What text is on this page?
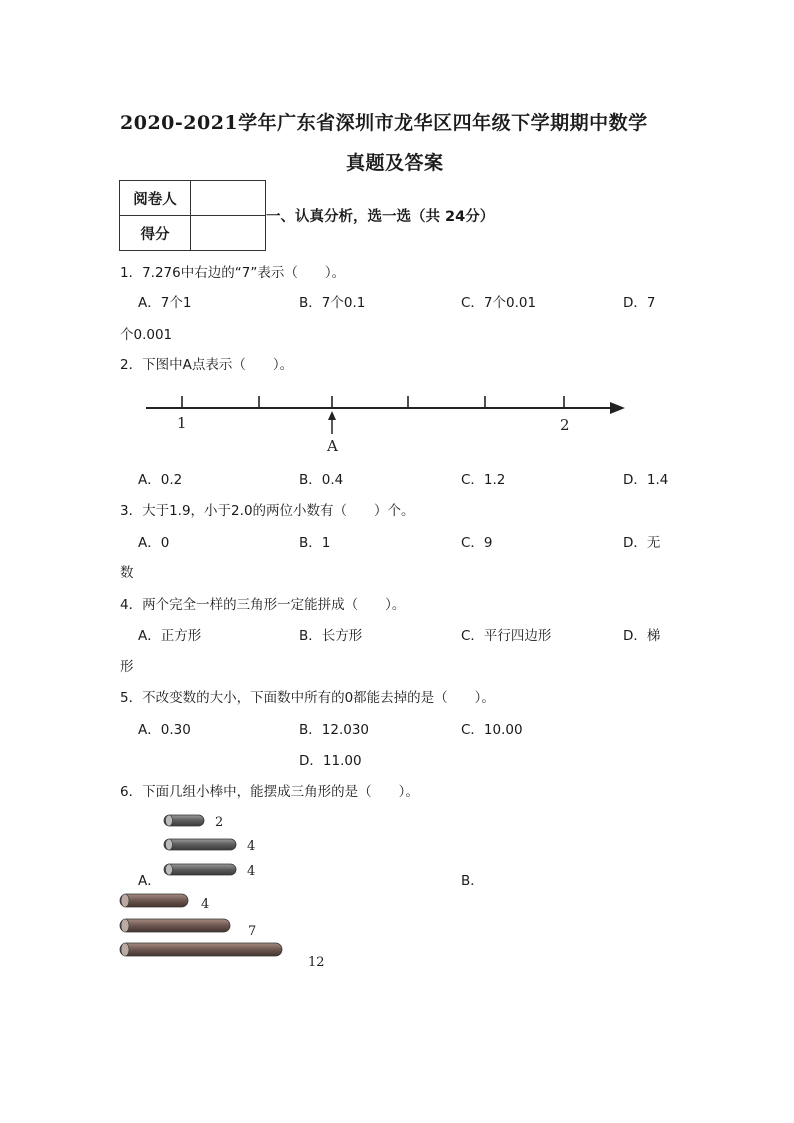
2020-2021学年广东省深圳市龙华区四年级下学期期中数学
真题及答案
阅卷人	
得分	
一、认真分析，选一选（共 24分）
1．7.276中右边的“7”表示（　　）。
A．7个1	B．7个0.1	C．7个0.01	D．7
个0.001
2．下图中A点表示（　　）。
1	2
A
A．0.2	B．0.4	C．1.2	D．1.4
3．大于1.9，小于2.0的两位小数有（　　）个。
A．0	B．1	C．9	D．无
数
4．两个完全一样的三角形一定能拼成（　　）。
A．正方形	B．长方形	C．平行四边形	D．梯
形
5．不改变数的大小，下面数中所有的0都能去掉的是（　　）。
A．0.30	B．12.030	C．10.00
D．11.00
6．下面几组小棒中，能摆成三角形的是（　　）。
2
4
4
A．	B．
4
7
12
